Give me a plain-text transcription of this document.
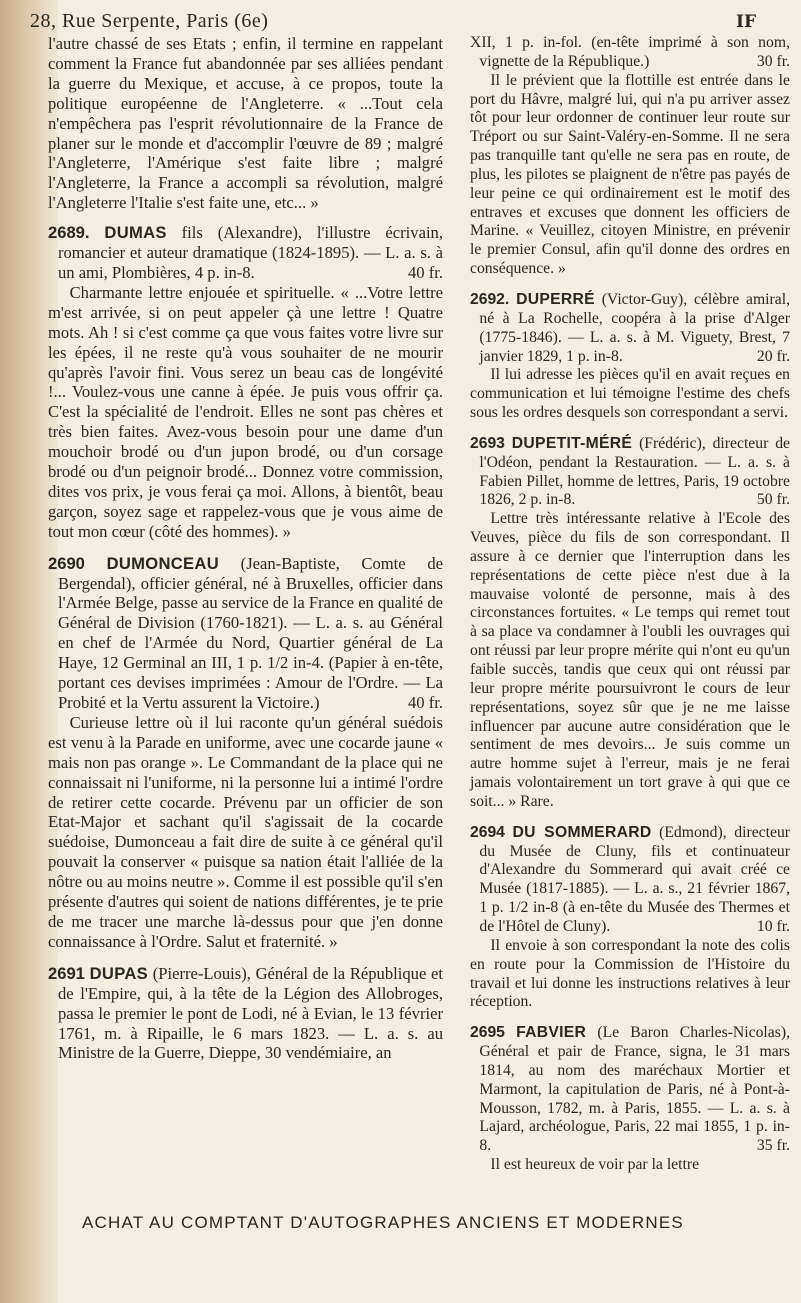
28, Rue Serpente, Paris (6e)	IF

l'autre chassé de ses Etats ; enfin, il termine en rappelant comment la France fut abandonnée par ses alliées pendant la guerre du Mexique, et accuse, à ce propos, toute la politique européenne de l'Angleterre. « ...Tout cela n'empêchera pas l'esprit révolutionnaire de la France de planer sur le monde et d'accomplir l'œuvre de 89 ; malgré l'Angleterre, l'Amérique s'est faite libre ; malgré l'Angleterre, la France a accompli sa révolution, malgré l'Angleterre l'Italie s'est faite une, etc... »

2689. DUMAS fils (Alexandre), l'illustre écrivain, romancier et auteur dramatique (1824-1895). — L. a. s. à un ami, Plombières, 4 p. in-8.	40 fr.

Charmante lettre enjouée et spirituelle. « ...Votre lettre m'est arrivée, si on peut appeler çà une lettre ! Quatre mots. Ah ! si c'est comme ça que vous faites votre livre sur les épées, il ne reste qu'à vous souhaiter de ne mourir qu'après l'avoir fini. Vous serez un beau cas de longévité !... Voulez-vous une canne à épée. Je puis vous offrir ça. C'est la spécialité de l'endroit. Elles ne sont pas chères et très bien faites. Avez-vous besoin pour une dame d'un mouchoir brodé ou d'un jupon brodé, ou d'un corsage brodé ou d'un peignoir brodé... Donnez votre commission, dites vos prix, je vous ferai ça moi. Allons, à bientôt, beau garçon, soyez sage et rappelez-vous que je vous aime de tout mon cœur (côté des hommes). »

2690 DUMONCEAU (Jean-Baptiste, Comte de Bergendal), officier général, né à Bruxelles, officier dans l'Armée Belge, passe au service de la France en qualité de Général de Division (1760-1821). — L. a. s. au Général en chef de l'Armée du Nord, Quartier général de La Haye, 12 Germinal an III, 1 p. 1/2 in-4. (Papier à en-tête, portant ces devises imprimées : Amour de l'Ordre. — La Probité et la Vertu assurent la Victoire.)	40 fr.

Curieuse lettre où il lui raconte qu'un général suédois est venu à la Parade en uniforme, avec une cocarde jaune « mais non pas orange ». Le Commandant de la place qui ne connaissait ni l'uniforme, ni la personne lui a intimé l'ordre de retirer cette cocarde. Prévenu par un officier de son Etat-Major et sachant qu'il s'agissait de la cocarde suédoise, Dumonceau a fait dire de suite à ce général qu'il pouvait la conserver « puisque sa nation était l'alliée de la nôtre ou au moins neutre ». Comme il est possible qu'il s'en présente d'autres qui soient de nations différentes, je te prie de me tracer une marche là-dessus pour que j'en donne connaissance à l'Ordre. Salut et fraternité. »

2691 DUPAS (Pierre-Louis), Général de la République et de l'Empire, qui, à la tête de la Légion des Allobroges, passa le premier le pont de Lodi, né à Evian, le 13 février 1761, m. à Ripaille, le 6 mars 1823. — L. a. s. au Ministre de la Guerre, Dieppe, 30 vendémiaire, an

XII, 1 p. in-fol. (en-tête imprimé à son nom, vignette de la République.)	30 fr.

Il le prévient que la flottille est entrée dans le port du Hâvre, malgré lui, qui n'a pu arriver assez tôt pour leur ordonner de continuer leur route sur Tréport ou sur Saint-Valéry-en-Somme. Il ne sera pas tranquille tant qu'elle ne sera pas en route, de plus, les pilotes se plaignent de n'être pas payés de leur peine ce qui ordinairement est le motif des entraves et excuses que donnent les officiers de Marine. « Veuillez, citoyen Ministre, en prévenir le premier Consul, afin qu'il donne des ordres en conséquence. »

2692. DUPERRÉ (Victor-Guy), célèbre amiral, né à La Rochelle, coopéra à la prise d'Alger (1775-1846). — L. a. s. à M. Viguety, Brest, 7 janvier 1829, 1 p. in-8.	20 fr.

Il lui adresse les pièces qu'il en avait reçues en communication et lui témoigne l'estime des chefs sous les ordres desquels son correspondant a servi.

2693 DUPETIT-MÉRÉ (Frédéric), directeur de l'Odéon, pendant la Restauration. — L. a. s. à Fabien Pillet, homme de lettres, Paris, 19 octobre 1826, 2 p. in-8.	50 fr.

Lettre très intéressante relative à l'Ecole des Veuves, pièce du fils de son correspondant. Il assure à ce dernier que l'interruption dans les représentations de cette pièce n'est due à la mauvaise volonté de personne, mais à des circonstances fortuites. « Le temps qui remet tout à sa place va condamner à l'oubli les ouvrages qui ont réussi par leur propre mérite qui n'ont eu qu'un faible succès, tandis que ceux qui ont réussi par leur propre mérite poursuivront le cours de leur représentations, soyez sûr que je ne me laisse influencer par aucune autre considération que le sentiment de mes devoirs... Je suis comme un autre homme sujet à l'erreur, mais je ne ferai jamais volontairement un tort grave à qui que ce soit... » Rare.

2694 DU SOMMERARD (Edmond), directeur du Musée de Cluny, fils et continuateur d'Alexandre du Sommerard qui avait créé ce Musée (1817-1885). — L. a. s., 21 février 1867, 1 p. 1/2 in-8 (à en-tête du Musée des Thermes et de l'Hôtel de Cluny).	10 fr.

Il envoie à son correspondant la note des colis en route pour la Commission de l'Histoire du travail et lui donne les instructions relatives à leur réception.

2695 FABVIER (Le Baron Charles-Nicolas), Général et pair de France, signa, le 31 mars 1814, au nom des maréchaux Mortier et Marmont, la capitulation de Paris, né à Pont-à-Mousson, 1782, m. à Paris, 1855. — L. a. s. à Lajard, archéologue, Paris, 22 mai 1855, 1 p. in-8.	35 fr.

Il est heureux de voir par la lettre

ACHAT AU COMPTANT D'AUTOGRAPHES ANCIENS ET MODERNES
